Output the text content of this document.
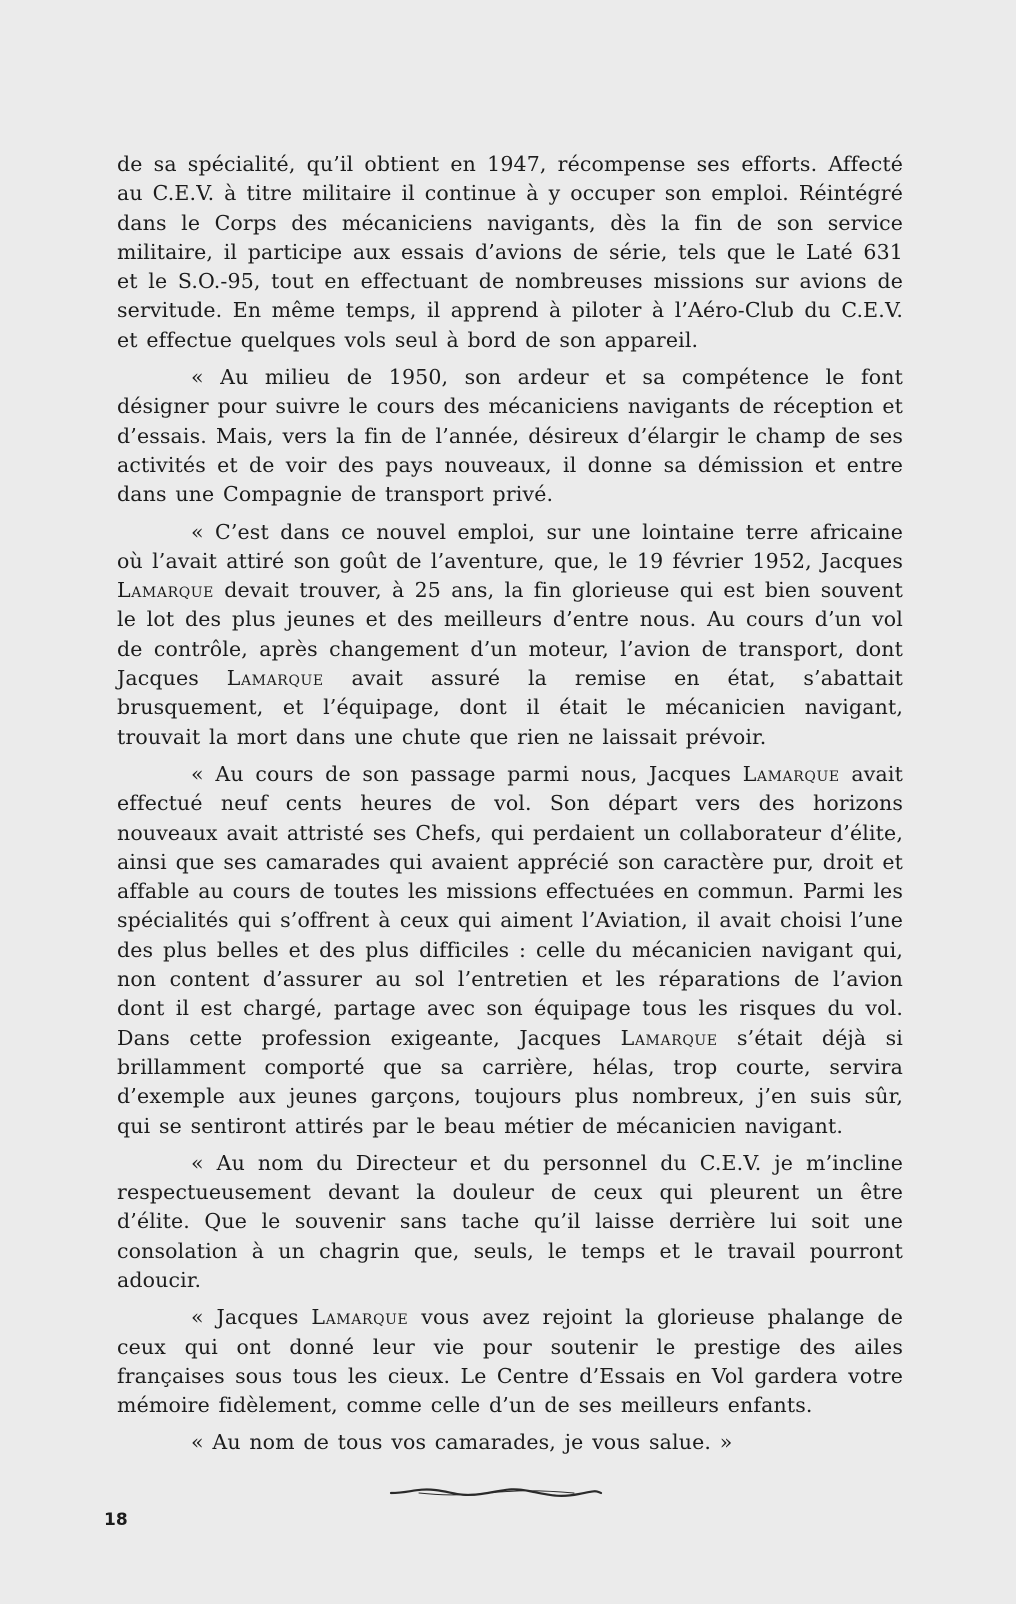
de sa spécialité, qu’il obtient en 1947, récompense ses efforts. Affecté au C.E.V. à titre militaire il continue à y occuper son emploi. Réintégré dans le Corps des mécaniciens navigants, dès la fin de son service militaire, il participe aux essais d’avions de série, tels que le Laté 631 et le S.O.-95, tout en effectuant de nombreuses missions sur avions de servitude. En même temps, il apprend à piloter à l’Aéro-Club du C.E.V. et effectue quelques vols seul à bord de son appareil.

« Au milieu de 1950, son ardeur et sa compétence le font désigner pour suivre le cours des mécaniciens navigants de réception et d’essais. Mais, vers la fin de l’année, désireux d’élargir le champ de ses activités et de voir des pays nouveaux, il donne sa démission et entre dans une Compagnie de transport privé.

« C’est dans ce nouvel emploi, sur une lointaine terre africaine où l’avait attiré son goût de l’aventure, que, le 19 février 1952, Jacques Lamarque devait trouver, à 25 ans, la fin glorieuse qui est bien souvent le lot des plus jeunes et des meilleurs d’entre nous. Au cours d’un vol de contrôle, après changement d’un moteur, l’avion de transport, dont Jacques Lamarque avait assuré la remise en état, s’abattait brusquement, et l’équipage, dont il était le mécanicien navigant, trouvait la mort dans une chute que rien ne laissait prévoir.

« Au cours de son passage parmi nous, Jacques Lamarque avait effectué neuf cents heures de vol. Son départ vers des horizons nouveaux avait attristé ses Chefs, qui perdaient un collaborateur d’élite, ainsi que ses camarades qui avaient apprécié son caractère pur, droit et affable au cours de toutes les missions effectuées en commun. Parmi les spécialités qui s’offrent à ceux qui aiment l’Aviation, il avait choisi l’une des plus belles et des plus difficiles : celle du mécanicien navigant qui, non content d’assurer au sol l’entretien et les réparations de l’avion dont il est chargé, partage avec son équipage tous les risques du vol. Dans cette profession exigeante, Jacques Lamarque s’était déjà si brillamment comporté que sa carrière, hélas, trop courte, servira d’exemple aux jeunes garçons, toujours plus nombreux, j’en suis sûr, qui se sentiront attirés par le beau métier de mécanicien navigant.

« Au nom du Directeur et du personnel du C.E.V. je m’incline respectueusement devant la douleur de ceux qui pleurent un être d’élite. Que le souvenir sans tache qu’il laisse derrière lui soit une consolation à un chagrin que, seuls, le temps et le travail pourront adoucir.

« Jacques Lamarque vous avez rejoint la glorieuse phalange de ceux qui ont donné leur vie pour soutenir le prestige des ailes françaises sous tous les cieux. Le Centre d’Essais en Vol gardera votre mémoire fidèlement, comme celle d’un de ses meilleurs enfants.

« Au nom de tous vos camarades, je vous salue. »

18
